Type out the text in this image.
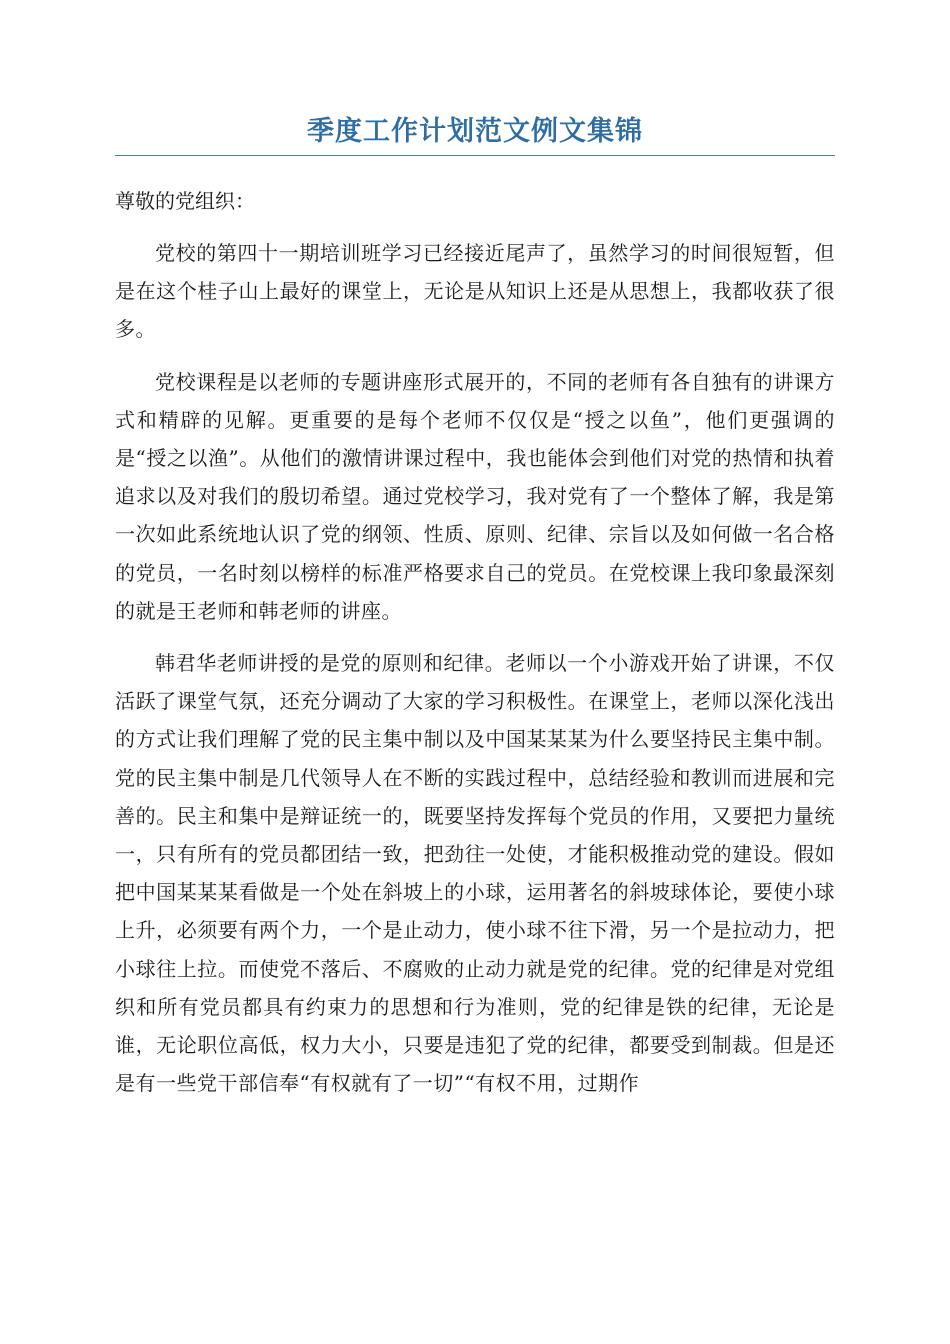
季度工作计划范文例文集锦

尊敬的党组织：

党校的第四十一期培训班学习已经接近尾声了，虽然学习的时间很短暂，但是在这个桂子山上最好的课堂上，无论是从知识上还是从思想上，我都收获了很多。

党校课程是以老师的专题讲座形式展开的，不同的老师有各自独有的讲课方式和精辟的见解。更重要的是每个老师不仅仅是“授之以鱼”，他们更强调的是“授之以渔”。从他们的激情讲课过程中，我也能体会到他们对党的热情和执着追求以及对我们的殷切希望。通过党校学习，我对党有了一个整体了解，我是第一次如此系统地认识了党的纲领、性质、原则、纪律、宗旨以及如何做一名合格的党员，一名时刻以榜样的标准严格要求自己的党员。在党校课上我印象最深刻的就是王老师和韩老师的讲座。

韩君华老师讲授的是党的原则和纪律。老师以一个小游戏开始了讲课，不仅活跃了课堂气氛，还充分调动了大家的学习积极性。在课堂上，老师以深化浅出的方式让我们理解了党的民主集中制以及中国某某某为什么要坚持民主集中制。党的民主集中制是几代领导人在不断的实践过程中，总结经验和教训而进展和完善的。民主和集中是辩证统一的，既要坚持发挥每个党员的作用，又要把力量统一，只有所有的党员都团结一致，把劲往一处使，才能积极推动党的建设。假如把中国某某某看做是一个处在斜坡上的小球，运用著名的斜坡球体论，要使小球上升，必须要有两个力，一个是止动力，使小球不往下滑，另一个是拉动力，把小球往上拉。而使党不落后、不腐败的止动力就是党的纪律。党的纪律是对党组织和所有党员都具有约束力的思想和行为准则，党的纪律是铁的纪律，无论是谁，无论职位高低，权力大小，只要是违犯了党的纪律，都要受到制裁。但是还是有一些党干部信奉“有权就有了一切”“有权不用，过期作
